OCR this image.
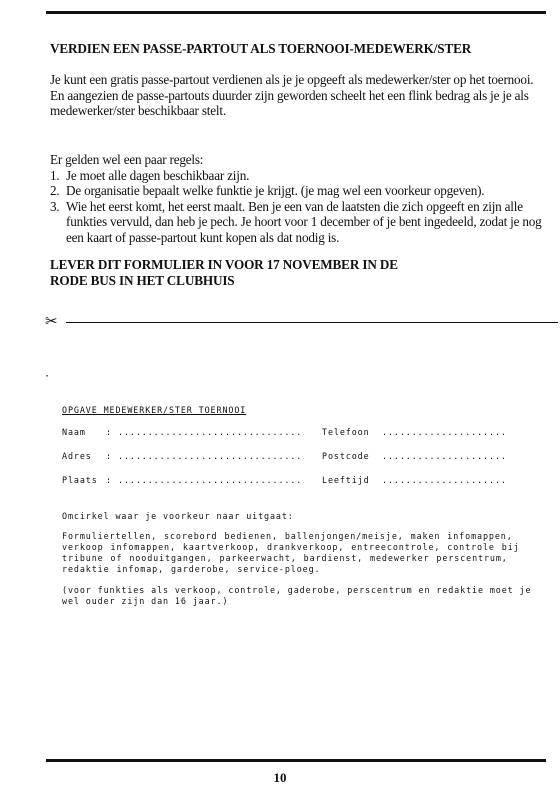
VERDIEN EEN PASSE-PARTOUT ALS TOERNOOI-MEDEWERK/STER
Je kunt een gratis passe-partout verdienen als je je opgeeft als medewerker/ster op het toernooi.
En aangezien de passe-partouts duurder zijn geworden scheelt het een flink bedrag als je je als medewerker/ster beschikbaar stelt.
Er gelden wel een paar regels:
1. Je moet alle dagen beschikbaar zijn.
2. De organisatie bepaalt welke funktie je krijgt. (je mag wel een voorkeur opgeven).
3. Wie het eerst komt, het eerst maalt. Ben je een van de laatsten die zich opgeeft en zijn alle funkties vervuld, dan heb je pech. Je hoort voor 1 december of je bent ingedeeld, zodat je nog een kaart of passe-partout kunt kopen als dat nodig is.
LEVER DIT FORMULIER IN VOOR 17 NOVEMBER IN DE
RODE BUS IN HET CLUBHUIS
✂
·
OPGAVE MEDEWERKER/STER TOERNOOI
Naam : ............................... Telefoon .....................
Adres : ............................... Postcode .....................
Plaats : ............................... Leeftijd .....................
Omcirkel waar je voorkeur naar uitgaat:
Formuliertellen, scorebord bedienen, ballenjongen/meisje, maken infomappen, verkoop infomappen, kaartverkoop, drankverkoop, entreecontrole, controle bij tribune of nooduitgangen, parkeerwacht, bardienst, medewerker perscentrum, redaktie infomap, garderobe, service-ploeg.
(voor funkties als verkoop, controle, gaderobe, perscentrum en redaktie moet je wel ouder zijn dan 16 jaar.)
10
